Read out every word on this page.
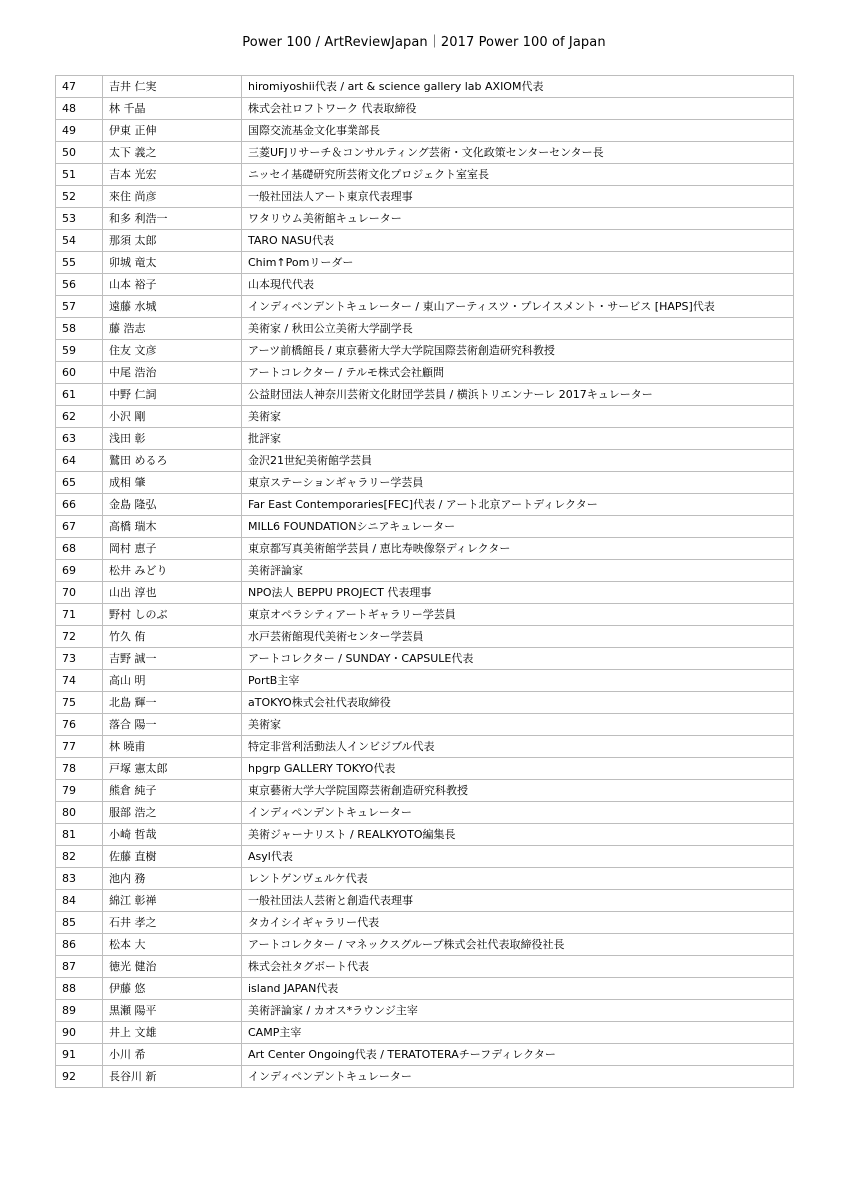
Power 100 / ArtReviewJapan｜2017 Power 100 of Japan
47	吉井 仁実	hiromiyoshii代表 / art & science gallery lab AXIOM代表
48	林 千晶	株式会社ロフトワーク 代表取締役
49	伊東 正伸	国際交流基金文化事業部長
50	太下 義之	三菱UFJリサーチ＆コンサルティング芸術・文化政策センターセンター長
51	吉本 光宏	ニッセイ基礎研究所芸術文化プロジェクト室室長
52	來住 尚彦	一般社団法人アート東京代表理事
53	和多 利浩一	ワタリウム美術館キュレーター
54	那須 太郎	TARO NASU代表
55	卯城 竜太	Chim↑Pomリーダー
56	山本 裕子	山本現代代表
57	遠藤 水城	インディペンデントキュレーター / 東山アーティスツ・プレイスメント・サービス [HAPS]代表
58	藤 浩志	美術家 / 秋田公立美術大学副学長
59	住友 文彦	アーツ前橋館長 / 東京藝術大学大学院国際芸術創造研究科教授
60	中尾 浩治	アートコレクター / テルモ株式会社顧問
61	中野 仁詞	公益財団法人神奈川芸術文化財団学芸員 / 横浜トリエンナーレ 2017キュレーター
62	小沢 剛	美術家
63	浅田 彰	批評家
64	鷲田 めるろ	金沢21世紀美術館学芸員
65	成相 肇	東京ステーションギャラリー学芸員
66	金島 隆弘	Far East Contemporaries[FEC]代表 / アート北京アートディレクター
67	高橋 瑞木	MILL6 FOUNDATIONシニアキュレーター
68	岡村 恵子	東京都写真美術館学芸員 / 恵比寿映像祭ディレクター
69	松井 みどり	美術評論家
70	山出 淳也	NPO法人 BEPPU PROJECT 代表理事
71	野村 しのぶ	東京オペラシティアートギャラリー学芸員
72	竹久 侑	水戸芸術館現代美術センター学芸員
73	吉野 誠一	アートコレクター / SUNDAY・CAPSULE代表
74	高山 明	PortB主宰
75	北島 輝一	aTOKYO株式会社代表取締役
76	落合 陽一	美術家
77	林 曉甫	特定非営利活動法人インビジブル代表
78	戸塚 憲太郎	hpgrp GALLERY TOKYO代表
79	熊倉 純子	東京藝術大学大学院国際芸術創造研究科教授
80	服部 浩之	インディペンデントキュレーター
81	小崎 哲哉	美術ジャーナリスト / REALKYOTO編集長
82	佐藤 直樹	Asyl代表
83	池内 務	レントゲンヴェルケ代表
84	綿江 彰禅	一般社団法人芸術と創造代表理事
85	石井 孝之	タカイシイギャラリー代表
86	松本 大	アートコレクター / マネックスグループ株式会社代表取締役社長
87	徳光 健治	株式会社タグボート代表
88	伊藤 悠	island JAPAN代表
89	黒瀬 陽平	美術評論家 / カオス*ラウンジ主宰
90	井上 文雄	CAMP主宰
91	小川 希	Art Center Ongoing代表 / TERATOTERAチーフディレクター
92	長谷川 新	インディペンデントキュレーター
